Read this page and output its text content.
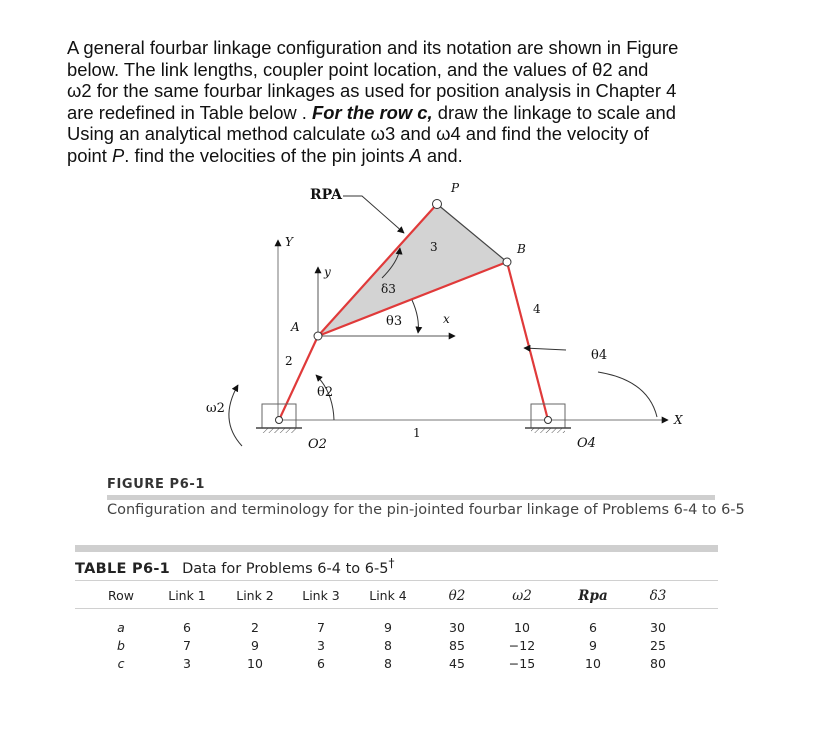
A general fourbar linkage configuration and its notation are shown in Figure
below. The link lengths, coupler point location, and the values of θ2 and
ω2 for the same fourbar linkages as used for position analysis in Chapter 4
are redefined in Table below . For the row c, draw the linkage to scale and
Using an analytical method calculate ω3 and ω4 and find the velocity of
point P. find the velocities of the pin joints A and.

RPA	P
Y
y
δ3
3	B
4
A	θ3	x
θ4
2
ω2
θ2
1
X
O2	O4
FIGURE P6-1
Configuration and terminology for the pin-jointed fourbar linkage of Problems 6-4 to 6-5
TABLE P6-1 Data for Problems 6-4 to 6-5†
Row	Link 1 Link 2 Link 3 Link 4	θ2	ω2	Rpa	δ3
a	6	2	7	9	30	10	6	30
b	7	9	3	8	85	−12	9	25
c	3	10	6	8	45	−15	10	80
